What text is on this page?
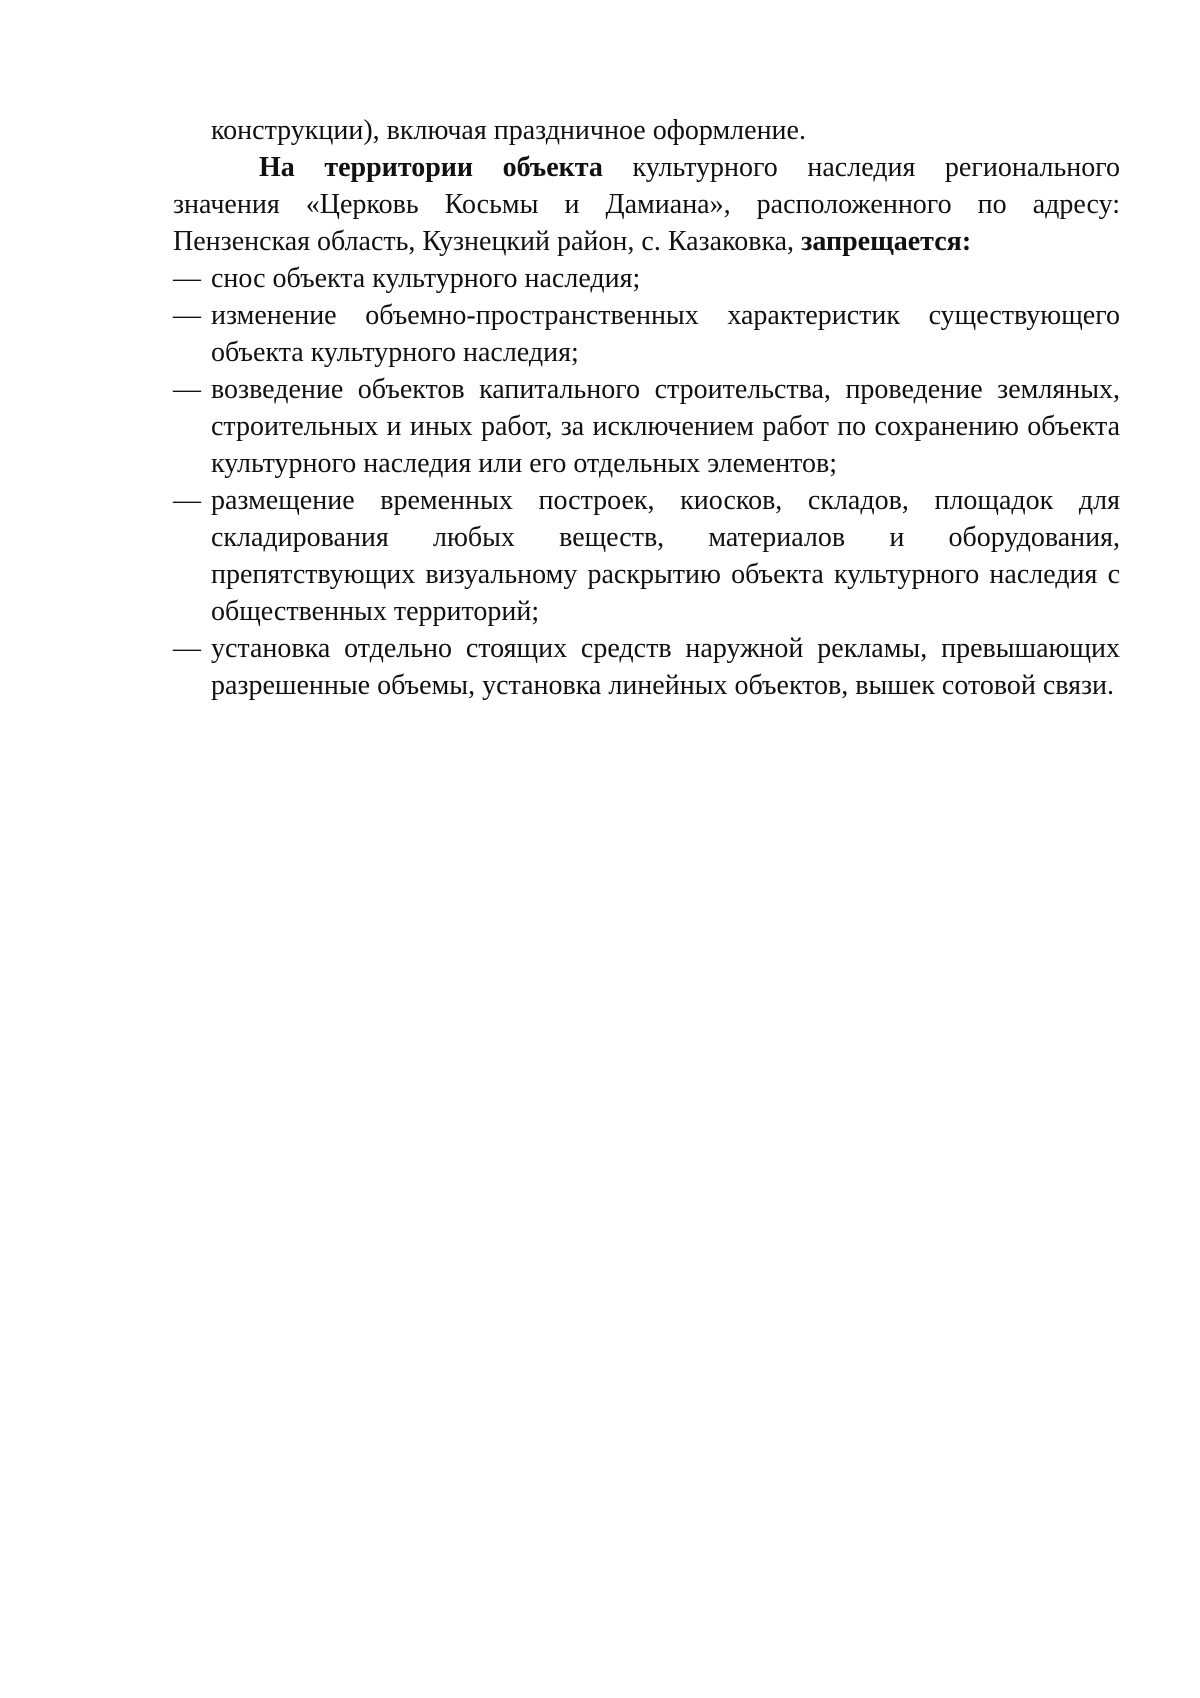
конструкции), включая праздничное оформление.

На территории объекта культурного наследия регионального значения «Церковь Косьмы и Дамиана», расположенного по адресу: Пензенская область, Кузнецкий район, с. Казаковка, запрещается:

— снос объекта культурного наследия;
— изменение объемно-пространственных характеристик существующего объекта культурного наследия;
— возведение объектов капитального строительства, проведение земляных, строительных и иных работ, за исключением работ по сохранению объекта культурного наследия или его отдельных элементов;
— размещение временных построек, киосков, складов, площадок для складирования любых веществ, материалов и оборудования, препятствующих визуальному раскрытию объекта культурного наследия с общественных территорий;
— установка отдельно стоящих средств наружной рекламы, превышающих разрешенные объемы, установка линейных объектов, вышек сотовой связи.
